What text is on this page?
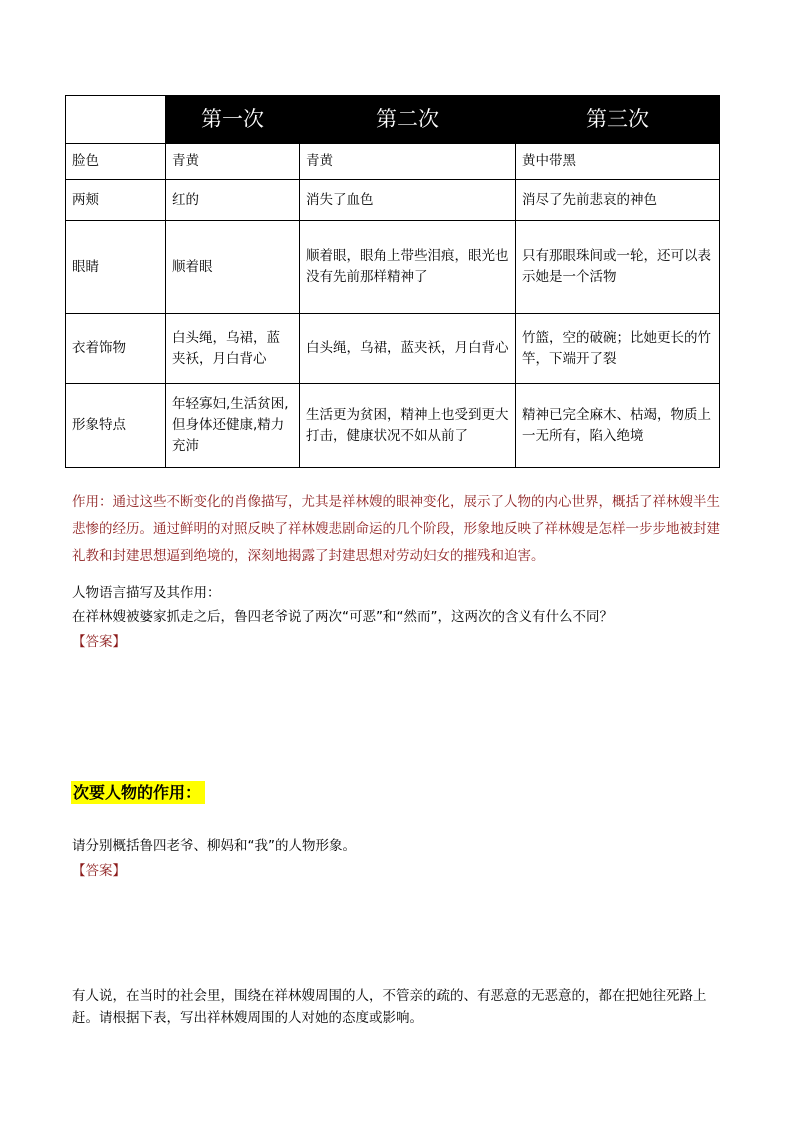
	第一次	第二次	第三次
脸色	青黄	青黄	黄中带黑
两颊	红的	消失了血色	消尽了先前悲哀的神色
眼睛	顺着眼	顺着眼，眼角上带些泪痕，眼光也没有先前那样精神了	只有那眼珠间或一轮，还可以表示她是一个活物
衣着饰物	白头绳，乌裙，蓝夹袄，月白背心	白头绳，乌裙，蓝夹袄，月白背心	竹篮，空的破碗；比她更长的竹竿，下端开了裂
形象特点	年轻寡妇,生活贫困,但身体还健康,精力充沛	生活更为贫困，精神上也受到更大打击，健康状况不如从前了	精神已完全麻木、枯竭，物质上一无所有，陷入绝境
作用：通过这些不断变化的肖像描写，尤其是祥林嫂的眼神变化，展示了人物的内心世界，概括了祥林嫂半生悲惨的经历。通过鲜明的对照反映了祥林嫂悲剧命运的几个阶段，形象地反映了祥林嫂是怎样一步步地被封建礼教和封建思想逼到绝境的，深刻地揭露了封建思想对劳动妇女的摧残和迫害。
人物语言描写及其作用：
在祥林嫂被婆家抓走之后，鲁四老爷说了两次“可恶”和“然而”，这两次的含义有什么不同？
【答案】
次要人物的作用：
请分别概括鲁四老爷、柳妈和“我”的人物形象。
【答案】
有人说，在当时的社会里，围绕在祥林嫂周围的人，不管亲的疏的、有恶意的无恶意的，都在把她往死路上赶。请根据下表，写出祥林嫂周围的人对她的态度或影响。
